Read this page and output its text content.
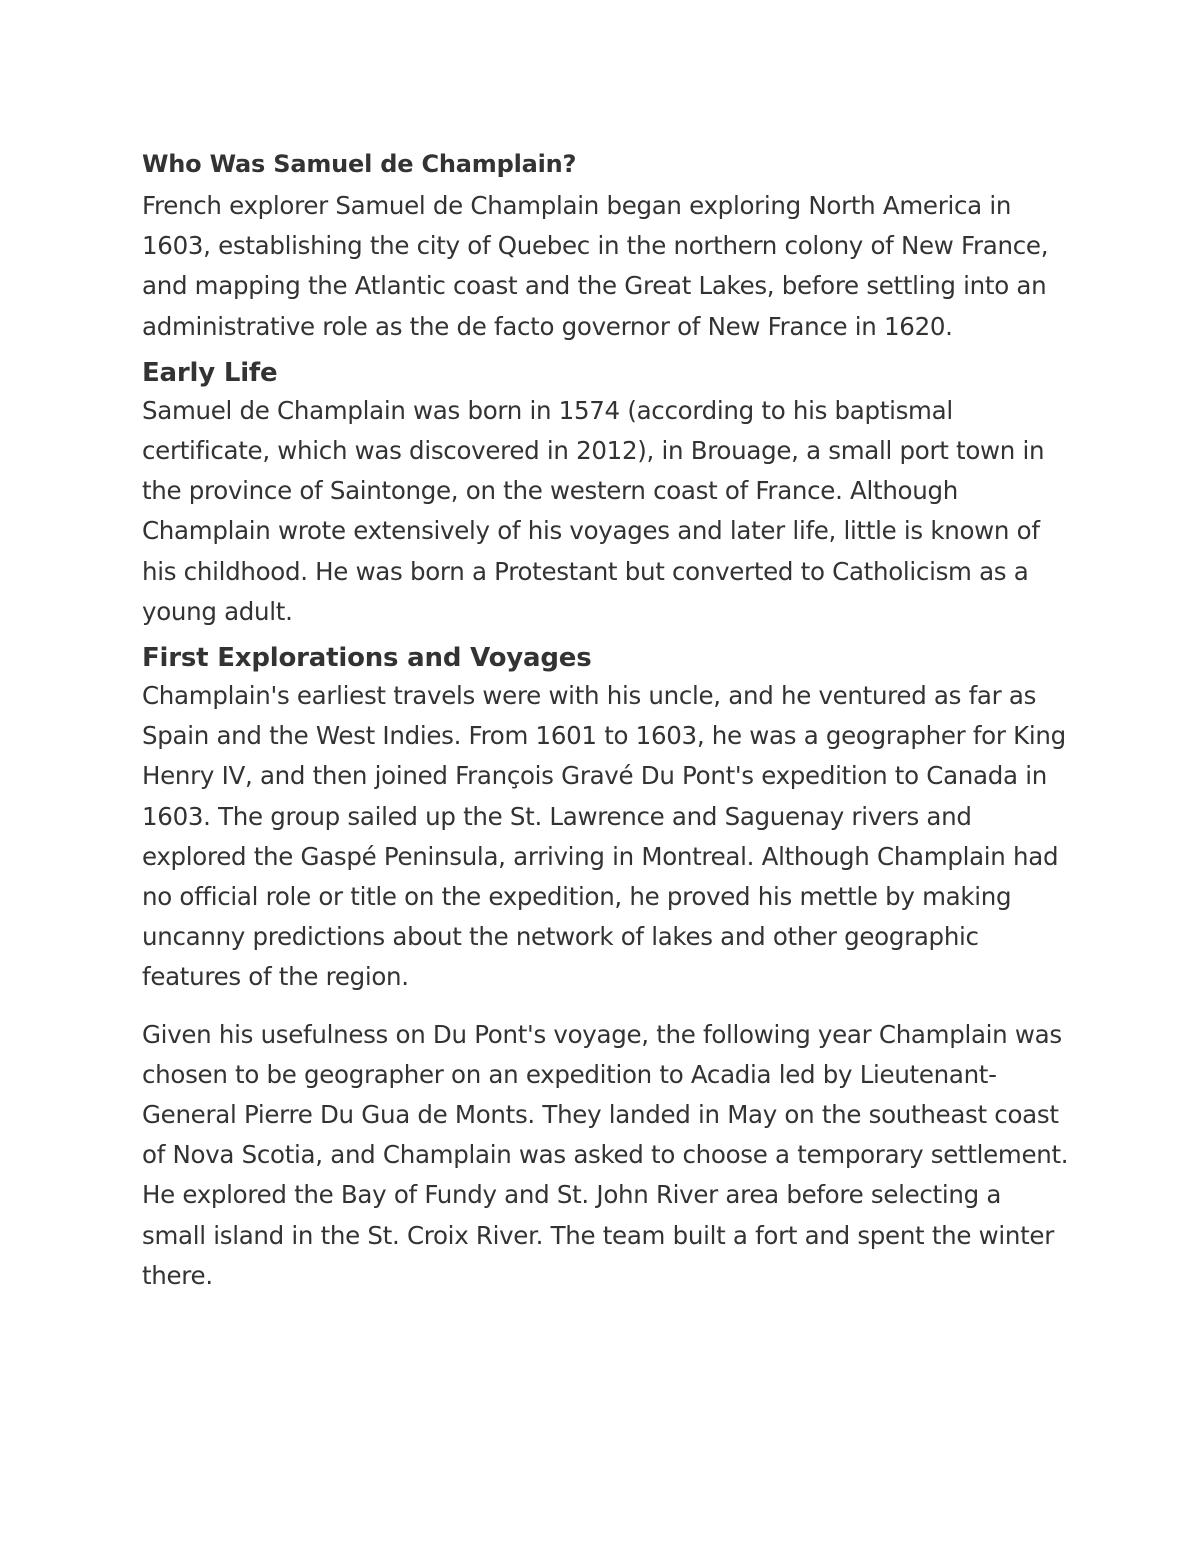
Who Was Samuel de Champlain?

French explorer Samuel de Champlain began exploring North America in 1603, establishing the city of Quebec in the northern colony of New France, and mapping the Atlantic coast and the Great Lakes, before settling into an administrative role as the de facto governor of New France in 1620.

Early Life

Samuel de Champlain was born in 1574 (according to his baptismal certificate, which was discovered in 2012), in Brouage, a small port town in the province of Saintonge, on the western coast of France. Although Champlain wrote extensively of his voyages and later life, little is known of his childhood. He was born a Protestant but converted to Catholicism as a young adult.

First Explorations and Voyages

Champlain's earliest travels were with his uncle, and he ventured as far as Spain and the West Indies. From 1601 to 1603, he was a geographer for King Henry IV, and then joined François Gravé Du Pont's expedition to Canada in 1603. The group sailed up the St. Lawrence and Saguenay rivers and explored the Gaspé Peninsula, arriving in Montreal. Although Champlain had no official role or title on the expedition, he proved his mettle by making uncanny predictions about the network of lakes and other geographic features of the region.

Given his usefulness on Du Pont's voyage, the following year Champlain was chosen to be geographer on an expedition to Acadia led by Lieutenant-General Pierre Du Gua de Monts. They landed in May on the southeast coast of Nova Scotia, and Champlain was asked to choose a temporary settlement. He explored the Bay of Fundy and St. John River area before selecting a small island in the St. Croix River. The team built a fort and spent the winter there.
